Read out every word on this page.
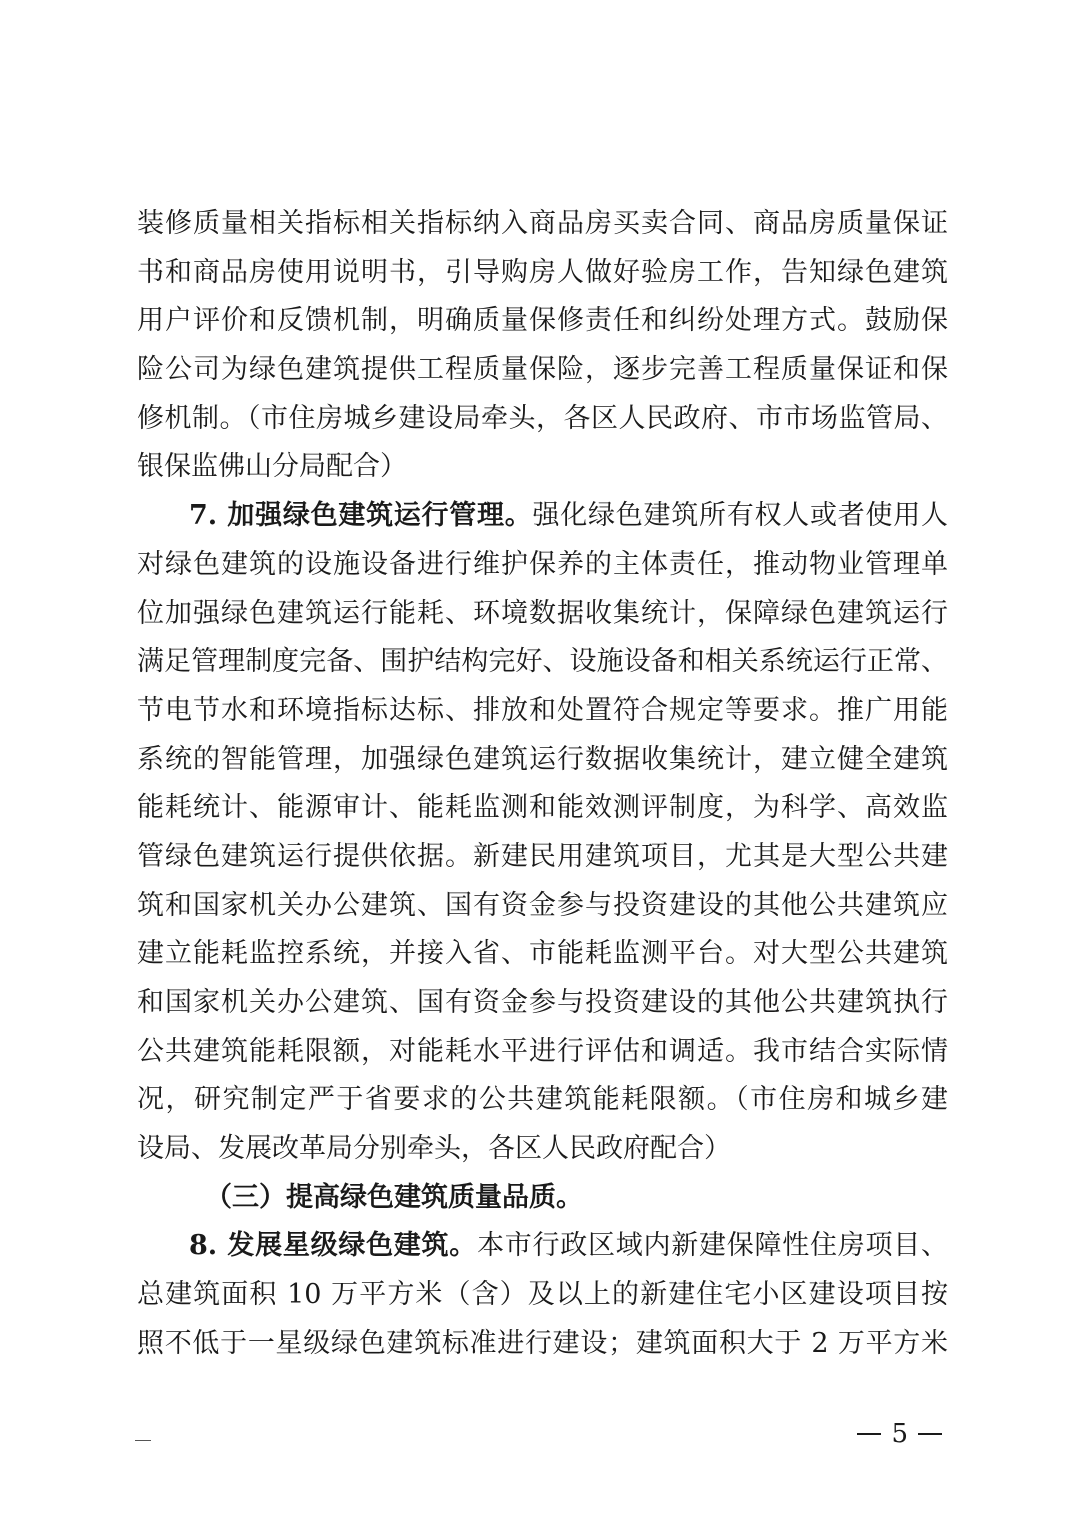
装修质量相关指标相关指标纳入商品房买卖合同、商品房质量保证
书和商品房使用说明书，引导购房人做好验房工作，告知绿色建筑
用户评价和反馈机制，明确质量保修责任和纠纷处理方式。鼓励保
险公司为绿色建筑提供工程质量保险，逐步完善工程质量保证和保
修机制。（市住房城乡建设局牵头，各区人民政府、市市场监管局、
银保监佛山分局配合）
7. 加强绿色建筑运行管理。强化绿色建筑所有权人或者使用人
对绿色建筑的设施设备进行维护保养的主体责任，推动物业管理单
位加强绿色建筑运行能耗、环境数据收集统计，保障绿色建筑运行
满足管理制度完备、围护结构完好、设施设备和相关系统运行正常、
节电节水和环境指标达标、排放和处置符合规定等要求。推广用能
系统的智能管理，加强绿色建筑运行数据收集统计，建立健全建筑
能耗统计、能源审计、能耗监测和能效测评制度，为科学、高效监
管绿色建筑运行提供依据。新建民用建筑项目，尤其是大型公共建
筑和国家机关办公建筑、国有资金参与投资建设的其他公共建筑应
建立能耗监控系统，并接入省、市能耗监测平台。对大型公共建筑
和国家机关办公建筑、国有资金参与投资建设的其他公共建筑执行
公共建筑能耗限额，对能耗水平进行评估和调适。我市结合实际情
况，研究制定严于省要求的公共建筑能耗限额。（市住房和城乡建
设局、发展改革局分别牵头，各区人民政府配合）
（三）提高绿色建筑质量品质。
8. 发展星级绿色建筑。本市行政区域内新建保障性住房项目、
总建筑面积 10 万平方米（含）及以上的新建住宅小区建设项目按
照不低于一星级绿色建筑标准进行建设；建筑面积大于 2 万平方米
5
